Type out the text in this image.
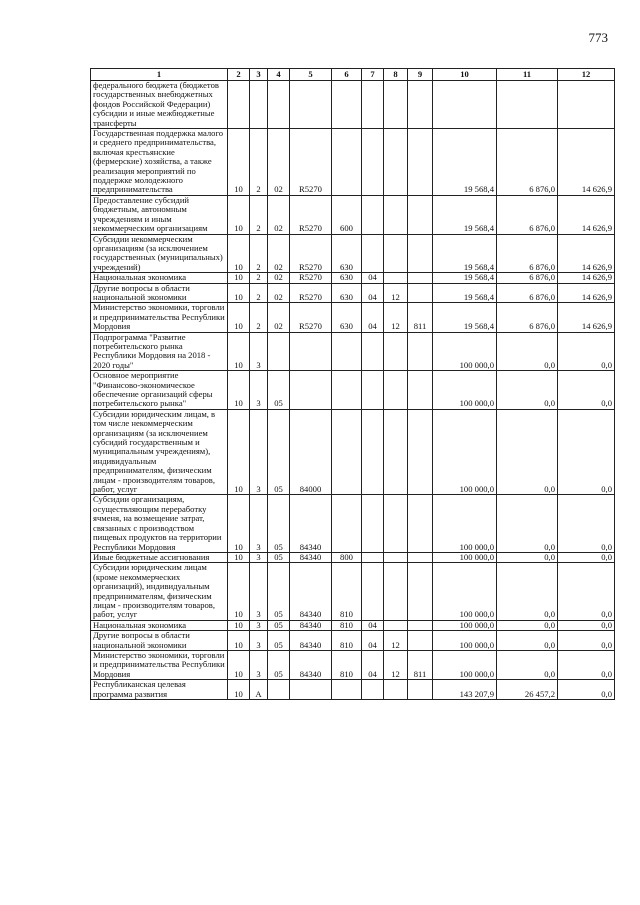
773
1	2	3	4	5	6	7	8	9	10	11	12
федерального бюджета (бюджетов государственных внебюджетных фондов Российской Федерации) субсидии и иные межбюджетные трансферты											
Государственная поддержка малого и среднего предпринимательства, включая крестьянские (фермерские) хозяйства, а также реализация мероприятий по поддержке молодежного предпринимательства	10	2	02	R5270					19 568,4	6 876,0	14 626,9
Предоставление субсидий бюджетным, автономным учреждениям и иным некоммерческим организациям	10	2	02	R5270	600				19 568,4	6 876,0	14 626,9
Субсидии некоммерческим организациям (за исключением государственных (муниципальных) учреждений)	10	2	02	R5270	630				19 568,4	6 876,0	14 626,9
Национальная экономика	10	2	02	R5270	630	04			19 568,4	6 876,0	14 626,9
Другие вопросы в области национальной экономики	10	2	02	R5270	630	04	12		19 568,4	6 876,0	14 626,9
Министерство экономики, торговли и предпринимательства Республики Мордовия	10	2	02	R5270	630	04	12	811	19 568,4	6 876,0	14 626,9
Подпрограмма "Развитие потребительского рынка Республики Мордовия на 2018 - 2020 годы"	10	3							100 000,0	0,0	0,0
Основное мероприятие "Финансово-экономическое обеспечение организаций сферы потребительского рынка"	10	3	05						100 000,0	0,0	0,0
Субсидии юридическим лицам, в том числе некоммерческим организациям (за исключением субсидий государственным и муниципальным учреждениям), индивидуальным предпринимателям, физическим лицам - производителям товаров, работ, услуг	10	3	05	84000					100 000,0	0,0	0,0
Субсидии организациям, осуществляющим переработку ячменя, на возмещение затрат, связанных с производством пищевых продуктов на территории Республики Мордовия	10	3	05	84340					100 000,0	0,0	0,0
Иные бюджетные ассигнования	10	3	05	84340	800				100 000,0	0,0	0,0
Субсидии юридическим лицам (кроме некоммерческих организаций), индивидуальным предпринимателям, физическим лицам - производителям товаров, работ, услуг	10	3	05	84340	810				100 000,0	0,0	0,0
Национальная экономика	10	3	05	84340	810	04			100 000,0	0,0	0,0
Другие вопросы в области национальной экономики	10	3	05	84340	810	04	12		100 000,0	0,0	0,0
Министерство экономики, торговли и предпринимательства Республики Мордовия	10	3	05	84340	810	04	12	811	100 000,0	0,0	0,0
Республиканская целевая программа развития	10	А							143 207,9	26 457,2	0,0
